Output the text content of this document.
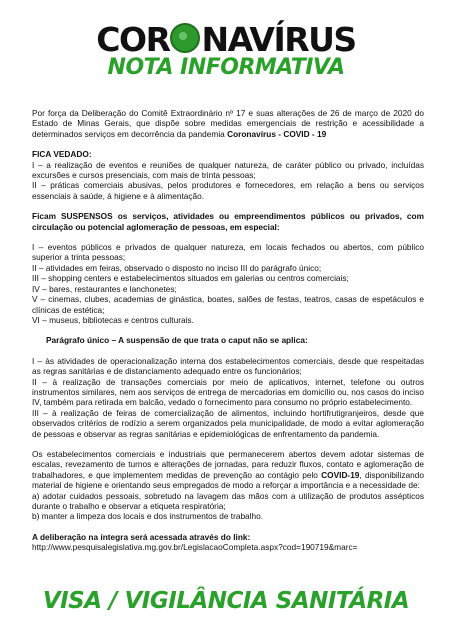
COR NAVÍRUS
NOTA INFORMATIVA

Por força da Deliberação do Comitê Extraordinário nº 17 e suas alterações de 26 de março de 2020 do Estado de Minas Gerais, que dispõe sobre medidas emergenciais de restrição e acessibilidade a determinados serviços em decorrência da pandemia Coronavírus - COVID - 19

FICA VEDADO:

I – a realização de eventos e reuniões de qualquer natureza, de caráter público ou privado, incluídas excursões e cursos presenciais, com mais de trinta pessoas;

II – práticas comerciais abusivas, pelos produtores e fornecedores, em relação a bens ou serviços essenciais à saúde, à higiene e à alimentação.

Ficam SUSPENSOS os serviços, atividades ou empreendimentos públicos ou privados, com circulação ou potencial aglomeração de pessoas, em especial:

I – eventos públicos e privados de qualquer natureza, em locais fechados ou abertos, com público superior a trinta pessoas;

II – atividades em feiras, observado o disposto no inciso III do parágrafo único;

III – shopping centers e estabelecimentos situados em galerias ou centros comerciais;

IV – bares, restaurantes e lanchonetes;

V – cinemas, clubes, academias de ginástica, boates, salões de festas, teatros, casas de espetáculos e clínicas de estética;

VI – museus, bibliotecas e centros culturais.

Parágrafo único – A suspensão de que trata o caput não se aplica:

I – às atividades de operacionalização interna dos estabelecimentos comerciais, desde que respeitadas as regras sanitárias e de distanciamento adequado entre os funcionários;

II – à realização de transações comerciais por meio de aplicativos, internet, telefone ou outros instrumentos similares, nem aos serviços de entrega de mercadorias em domicílio ou, nos casos do inciso IV, também para retirada em balcão, vedado o fornecimento para consumo no próprio estabelecimento.

III – à realização de feiras de comercialização de alimentos, incluindo hortifrutigranjeiros, desde que observados critérios de rodízio a serem organizados pela municipalidade, de modo a evitar aglomeração de pessoas e observar as regras sanitárias e epidemiológicas de enfrentamento da pandemia.

Os estabelecimentos comerciais e industriais que permanecerem abertos devem adotar sistemas de escalas, revezamento de turnos e alterações de jornadas, para reduzir fluxos, contato e aglomeração de trabalhadores, e que implementem medidas de prevenção ao contágio pelo COVID-19, disponibilizando material de higiene e orientando seus empregados de modo a reforçar a importância e a necessidade de:

a) adotar cuidados pessoais, sobretudo na lavagem das mãos com a utilização de produtos assépticos durante o trabalho e observar a etiqueta respiratória;

b) manter a limpeza dos locais e dos instrumentos de trabalho.

A deliberação na íntegra será acessada através do link:

http://www.pesquisalegislativa.mg.gov.br/LegislacaoCompleta.aspx?cod=190719&marc=

VISA / VIGILÂNCIA SANITÁRIA
